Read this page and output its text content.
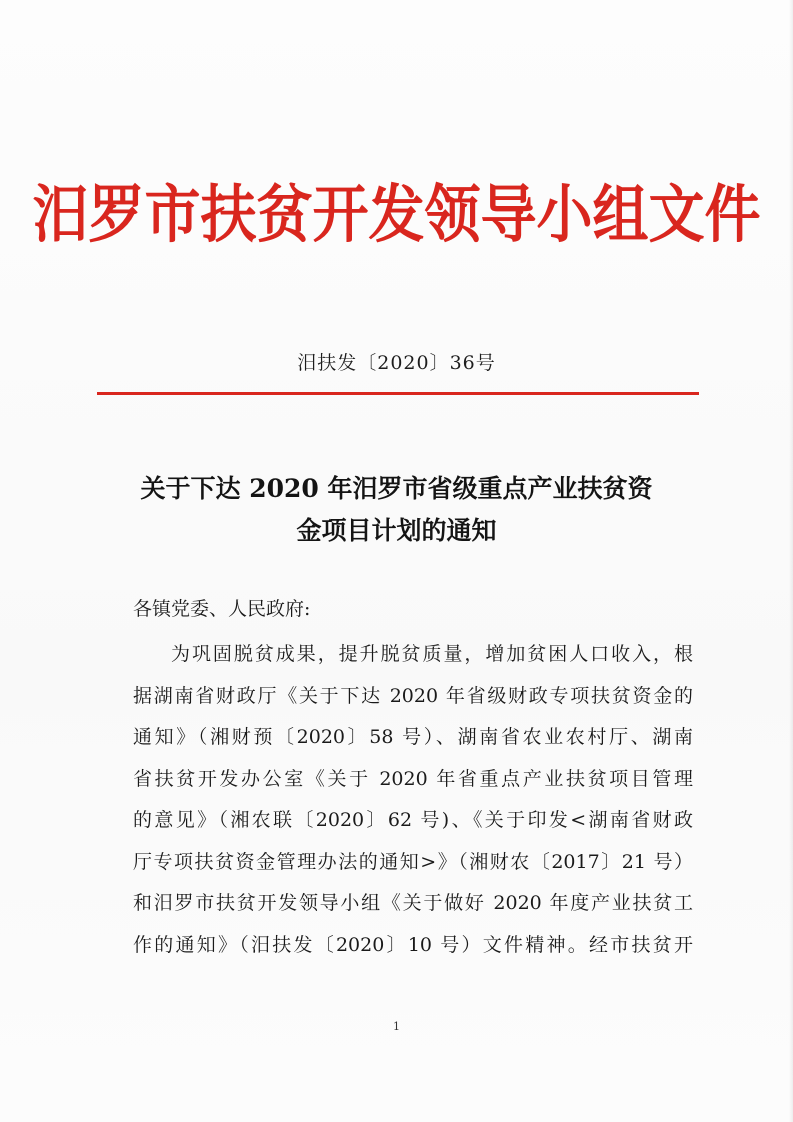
汨罗市扶贫开发领导小组文件
汨扶发〔2020〕36号
关于下达 2020 年汨罗市省级重点产业扶贫资
金项目计划的通知
各镇党委、人民政府:
为巩固脱贫成果，提升脱贫质量，增加贫困人口收入，根
据湖南省财政厅《关于下达 2020 年省级财政专项扶贫资金的
通知》（湘财预〔2020〕58 号）、湖南省农业农村厅、湖南
省扶贫开发办公室《关于 2020 年省重点产业扶贫项目管理
的意见》（湘农联〔2020〕62 号)、《关于印发<湖南省财政
厅专项扶贫资金管理办法的通知>》（湘财农〔2017〕21 号）
和汨罗市扶贫开发领导小组《关于做好 2020 年度产业扶贫工
作的通知》（汨扶发〔2020〕10 号）文件精神。经市扶贫开
1
